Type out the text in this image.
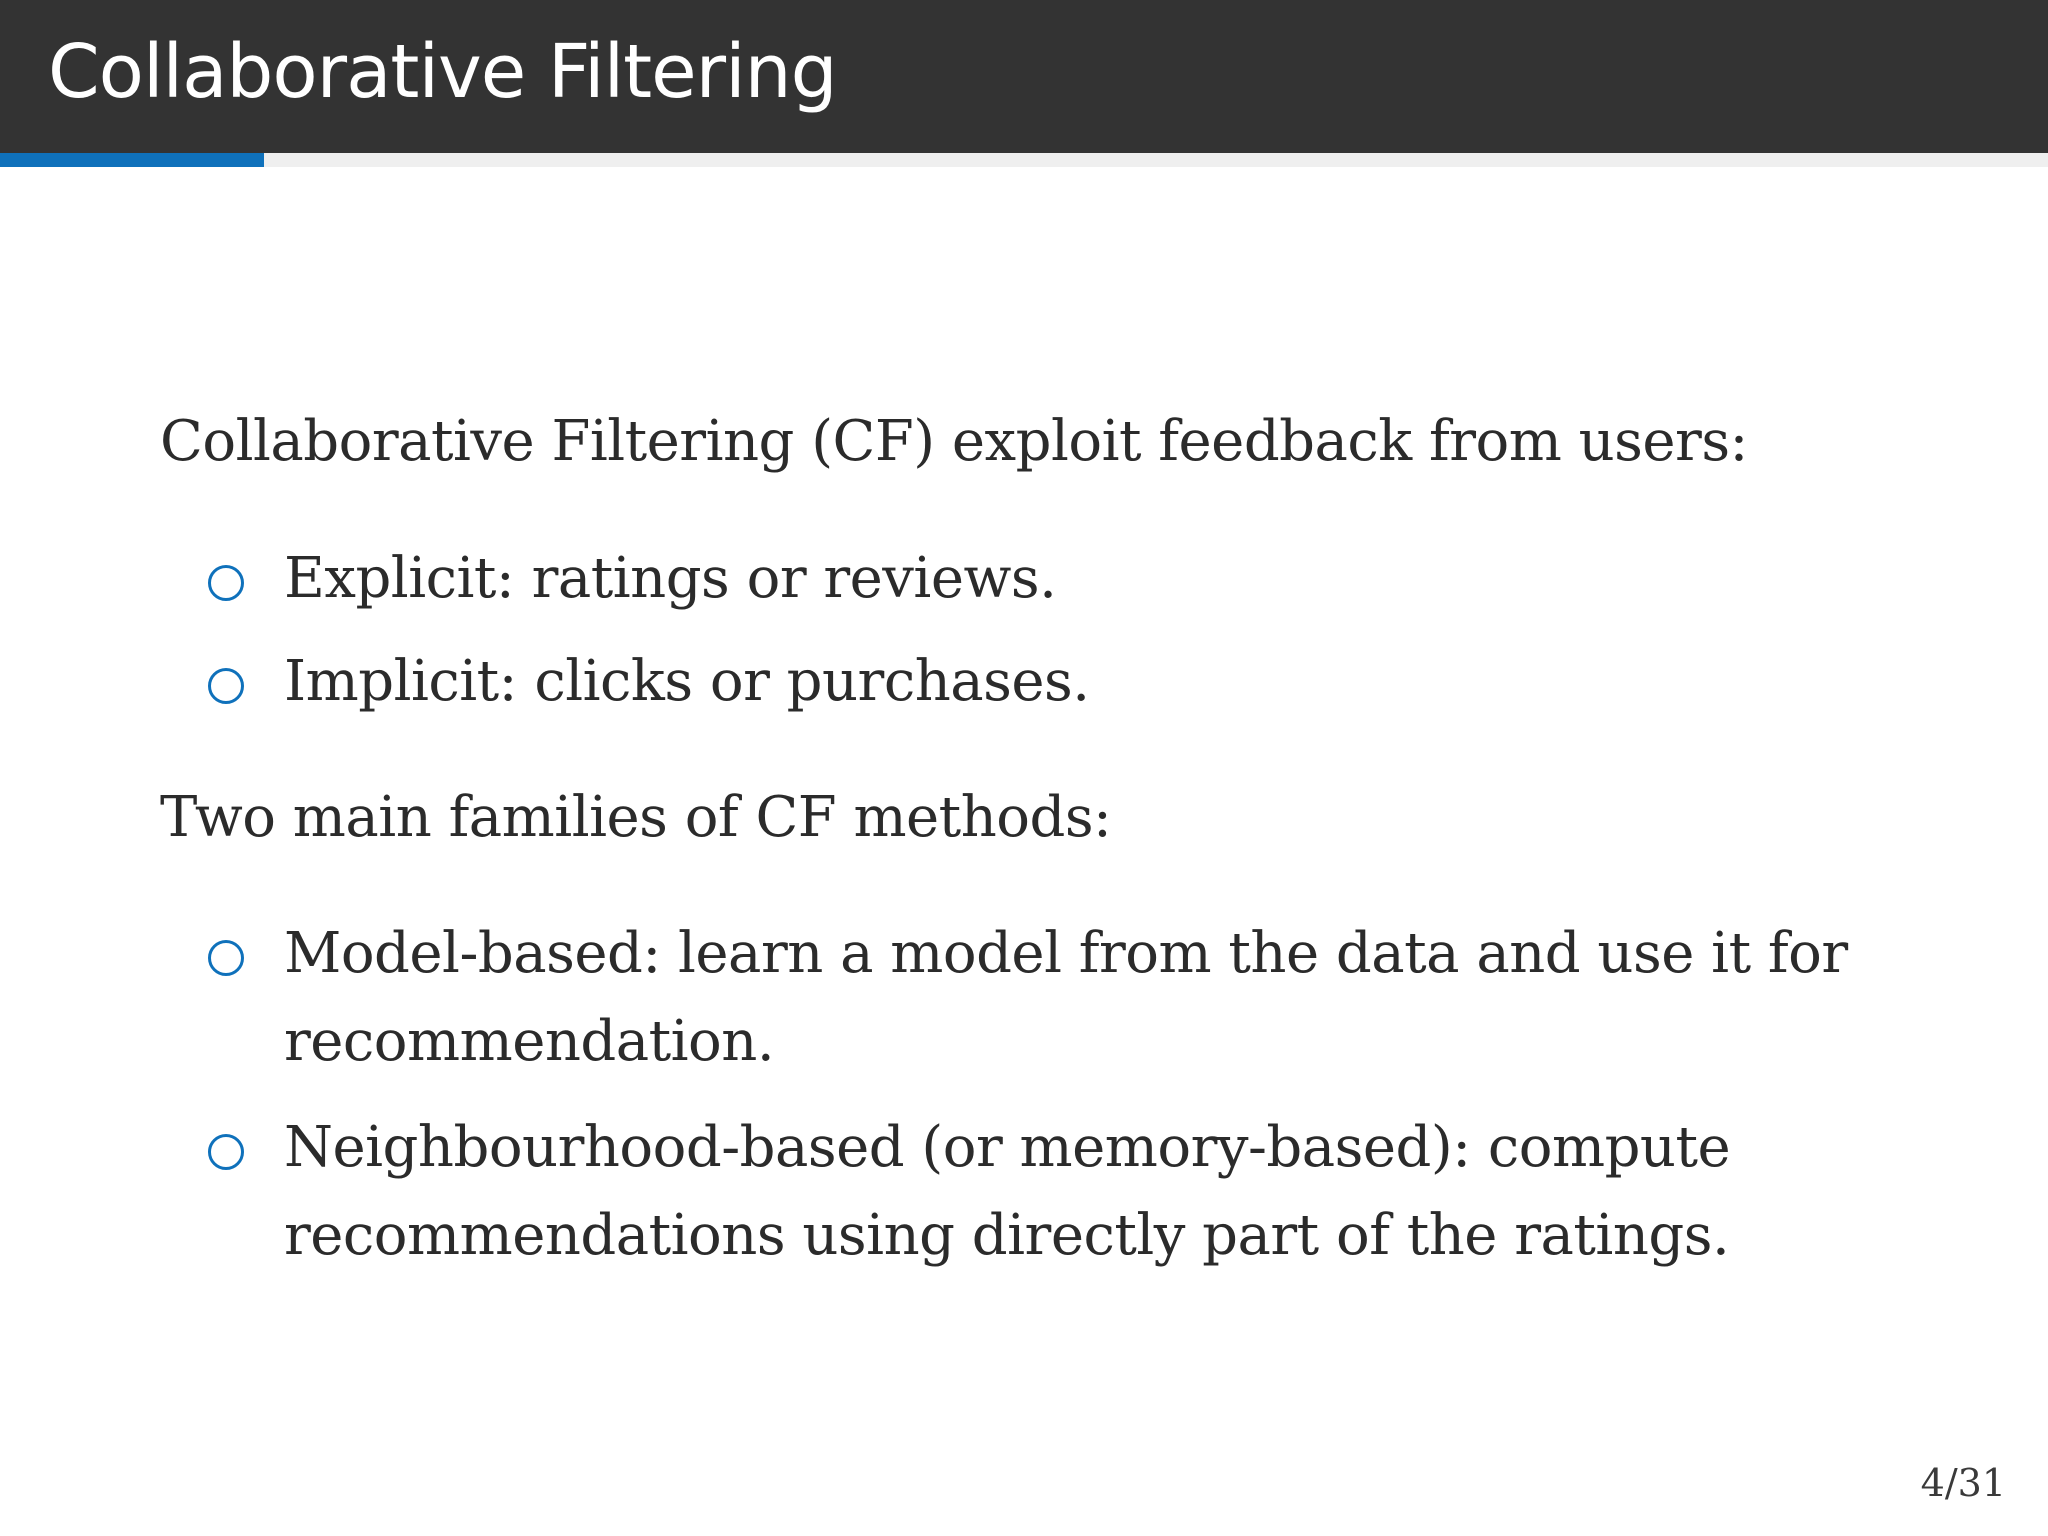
Collaborative Filtering
Collaborative Filtering (CF) exploit feedback from users:
Explicit: ratings or reviews.
Implicit: clicks or purchases.
Two main families of CF methods:
Model-based: learn a model from the data and use it for recommendation.
Neighbourhood-based (or memory-based): compute recommendations using directly part of the ratings.
4/31
